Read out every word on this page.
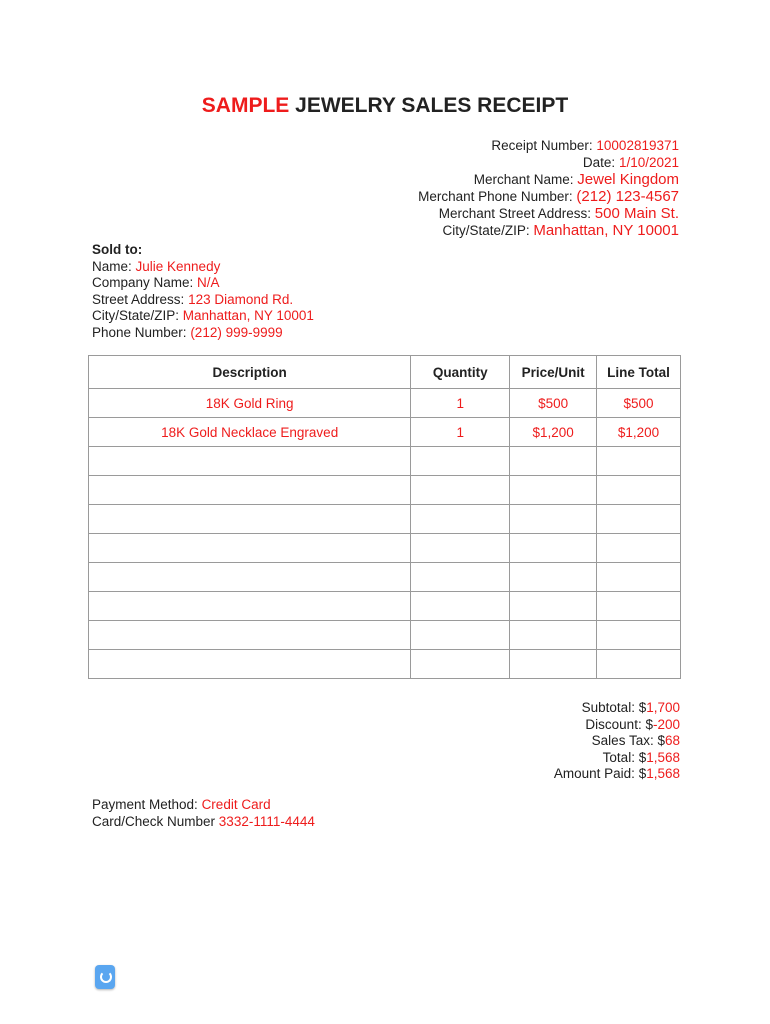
SAMPLE JEWELRY SALES RECEIPT
Receipt Number: 10002819371
Date: 1/10/2021
Merchant Name: Jewel Kingdom
Merchant Phone Number: (212) 123-4567
Merchant Street Address: 500 Main St.
City/State/ZIP: Manhattan, NY 10001
Sold to:
Name: Julie Kennedy
Company Name: N/A
Street Address: 123 Diamond Rd.
City/State/ZIP: Manhattan, NY 10001
Phone Number: (212) 999-9999
Description	Quantity	Price/Unit	Line Total
18K Gold Ring	1	$500	$500
18K Gold Necklace Engraved	1	$1,200	$1,200

Subtotal: $1,700
Discount: $-200
Sales Tax: $68
Total: $1,568
Amount Paid: $1,568
Payment Method: Credit Card
Card/Check Number 3332-1111-4444
